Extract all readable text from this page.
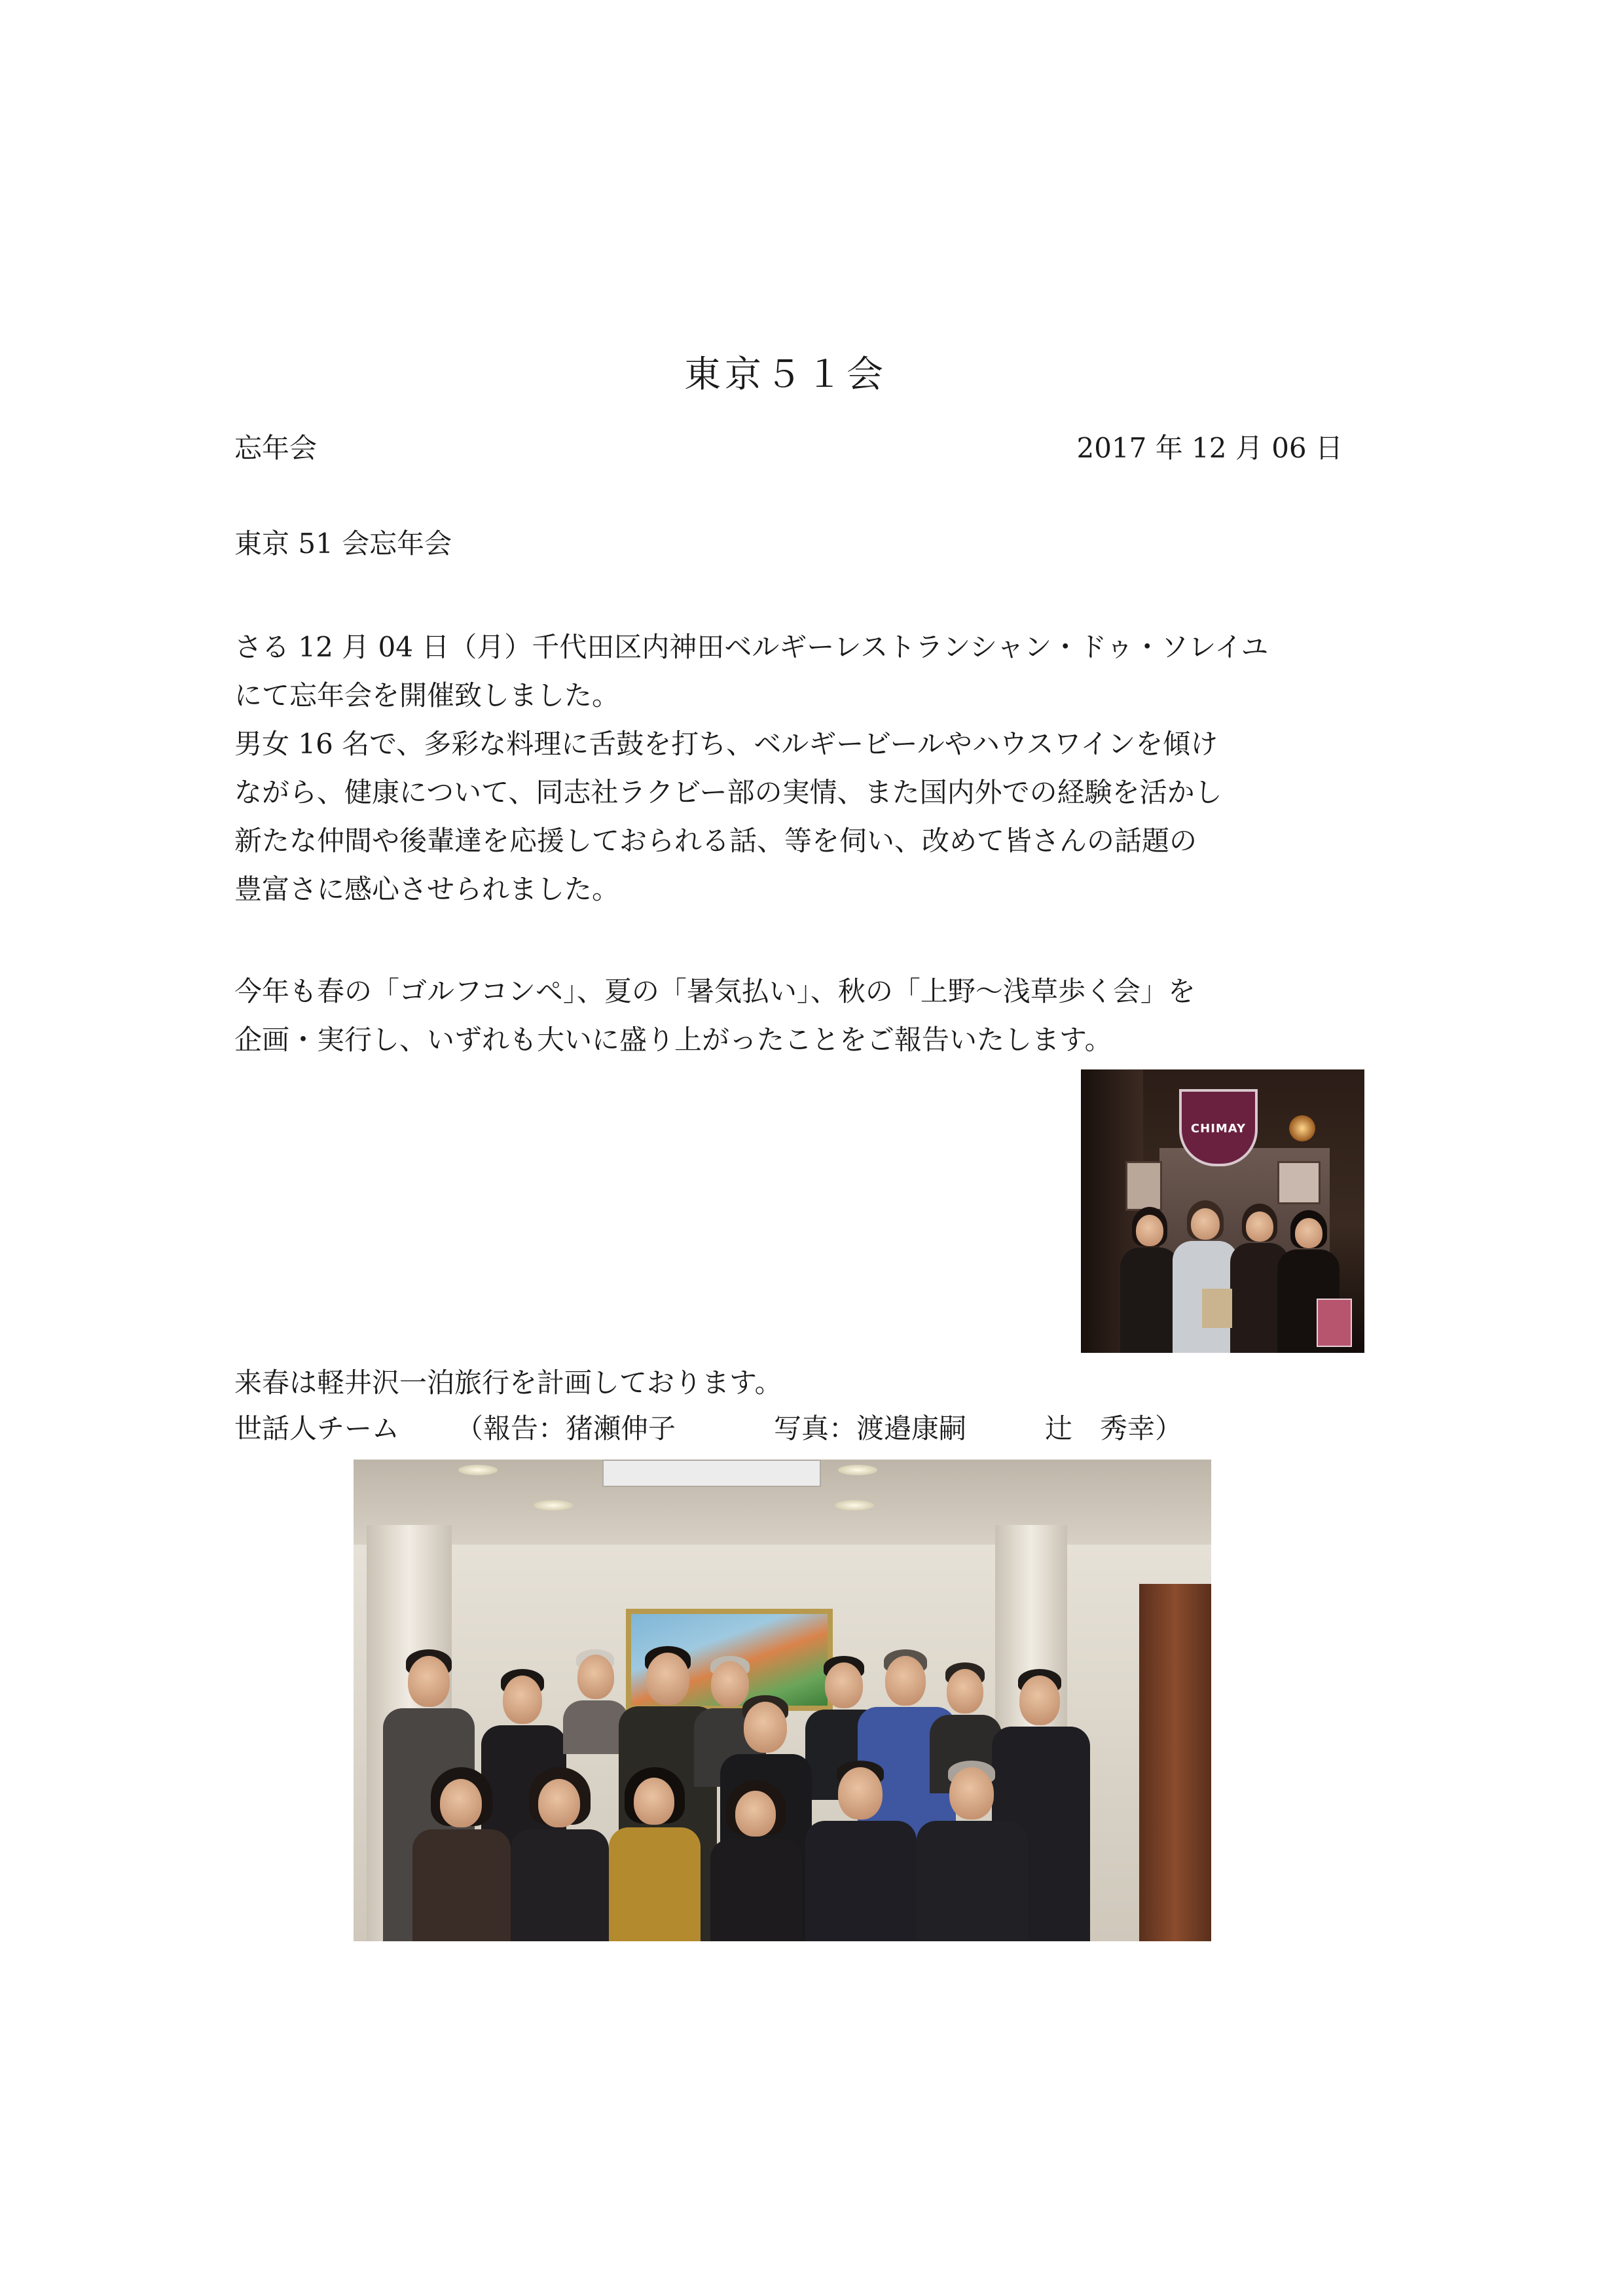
東京５１会
忘年会	2017 年 12 月 06 日
東京 51 会忘年会
さる 12 月 04 日（月）千代田区内神田ベルギーレストランシャン・ドゥ・ソレイユ
にて忘年会を開催致しました。
男女 16 名で、多彩な料理に舌鼓を打ち、ベルギービールやハウスワインを傾け
ながら、健康について、同志社ラクビー部の実情、また国内外での経験を活かし
新たな仲間や後輩達を応援しておられる話、等を伺い、改めて皆さんの話題の
豊富さに感心させられました。
今年も春の「ゴルフコンペ」、夏の「暑気払い」、秋の「上野〜浅草歩く会」を
企画・実行し、いずれも大いに盛り上がったことをご報告いたします。
CHIMAY
来春は軽井沢一泊旅行を計画しております。
世話人チーム （報告：猪瀬伸子	写真：渡邉康嗣	辻　秀幸）
